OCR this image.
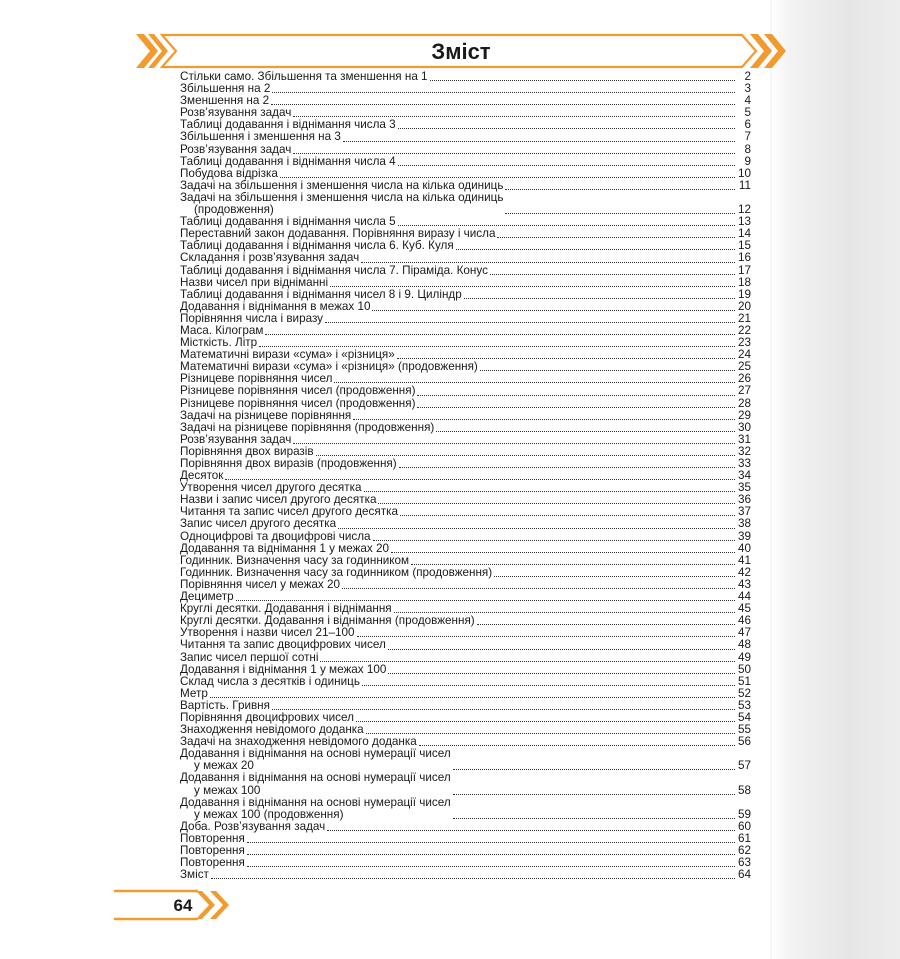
Зміст
Стільки само. Збільшення та зменшення на 1	2
Збільшення на 2	3
Зменшення на 2	4
Розв’язування задач	5
Таблиці додавання і віднімання числа 3	6
Збільшення і зменшення на 3	7
Розв’язування задач	8
Таблиці додавання і віднімання числа 4	9
Побудова відрізка	10
Задачі на збільшення і зменшення числа на кілька одиниць	11
Задачі на збільшення і зменшення числа на кілька одиниць
(продовження)	12
Таблиці додавання і віднімання числа 5	13
Переставний закон додавання. Порівняння виразу і числа	14
Таблиці додавання і віднімання числа 6. Куб. Куля	15
Складання і розв’язування задач	16
Таблиці додавання і віднімання числа 7. Піраміда. Конус	17
Назви чисел при відніманні	18
Таблиці додавання і віднімання чисел 8 і 9. Циліндр	19
Додавання і віднімання в межах 10	20
Порівняння числа і виразу	21
Маса. Кілограм	22
Місткість. Літр	23
Математичні вирази «сума» і «різниця»	24
Математичні вирази «сума» і «різниця» (продовження)	25
Різницеве порівняння чисел	26
Різницеве порівняння чисел (продовження)	27
Різницеве порівняння чисел (продовження)	28
Задачі на різницеве порівняння	29
Задачі на різницеве порівняння (продовження)	30
Розв’язування задач	31
Порівняння двох виразів	32
Порівняння двох виразів (продовження)	33
Десяток	34
Утворення чисел другого десятка	35
Назви і запис чисел другого десятка	36
Читання та запис чисел другого десятка	37
Запис чисел другого десятка	38
Одноцифрові та двоцифрові числа	39
Додавання та віднімання 1 у межах 20	40
Годинник. Визначення часу за годинником	41
Годинник. Визначення часу за годинником (продовження)	42
Порівняння чисел у межах 20	43
Дециметр	44
Круглі десятки. Додавання і віднімання	45
Круглі десятки. Додавання і віднімання (продовження)	46
Утворення і назви чисел 21–100	47
Читання та запис двоцифрових чисел	48
Запис чисел першої сотні	49
Додавання і віднімання 1 у межах 100	50
Склад числа з десятків і одиниць	51
Метр	52
Вартість. Гривня	53
Порівняння двоцифрових чисел	54
Знаходження невідомого доданка	55
Задачі на знаходження невідомого доданка	56
Додавання і віднімання на основі нумерації чисел
у межах 20	57
Додавання і віднімання на основі нумерації чисел
у межах 100	58
Додавання і віднімання на основі нумерації чисел
у межах 100 (продовження)	59
Доба. Розв’язування задач	60
Повторення	61
Повторення	62
Повторення	63
Зміст	64
64
